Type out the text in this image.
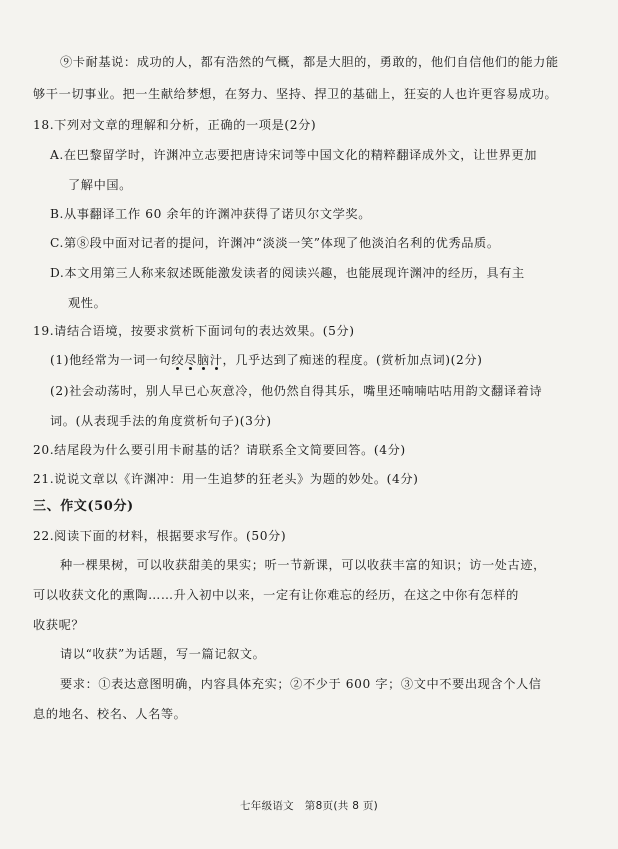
⑨卡耐基说：成功的人，都有浩然的气概，都是大胆的，勇敢的，他们自信他们的能力能
够干一切事业。把一生献给梦想，在努力、坚持、捍卫的基础上，狂妄的人也许更容易成功。
18.下列对文章的理解和分析，正确的一项是(2分)
A.在巴黎留学时，许渊冲立志要把唐诗宋词等中国文化的精粹翻译成外文，让世界更加
了解中国。
B.从事翻译工作 60 余年的许渊冲获得了诺贝尔文学奖。
C.第⑧段中面对记者的提问，许渊冲“淡淡一笑”体现了他淡泊名利的优秀品质。
D.本文用第三人称来叙述既能激发读者的阅读兴趣，也能展现许渊冲的经历，具有主
观性。
19.请结合语境，按要求赏析下面词句的表达效果。(5分)
(1)他经常为一词一句绞尽脑汁
，几乎达到了痴迷的程度。(赏析加点词)(2分)
(2)社会动荡时，别人早已心灰意冷，他仍然自得其乐，嘴里还喃喃咕咕用韵文翻译着诗
词。(从表现手法的角度赏析句子)(3分)
20.结尾段为什么要引用卡耐基的话？请联系全文简要回答。(4分)
21.说说文章以《许渊冲：用一生追梦的狂老头》为题的妙处。(4分)
三、作文(50分)
22.阅读下面的材料，根据要求写作。(50分)
种一棵果树，可以收获甜美的果实；听一节新课，可以收获丰富的知识；访一处古迹，
可以收获文化的熏陶……升入初中以来，一定有让你难忘的经历，在这之中你有怎样的
收获呢？
请以“收获”为话题，写一篇记叙文。
要求：①表达意图明确，内容具体充实；②不少于 600 字；③文中不要出现含个人信
息的地名、校名、人名等。
七年级语文　第8页(共 8 页)
